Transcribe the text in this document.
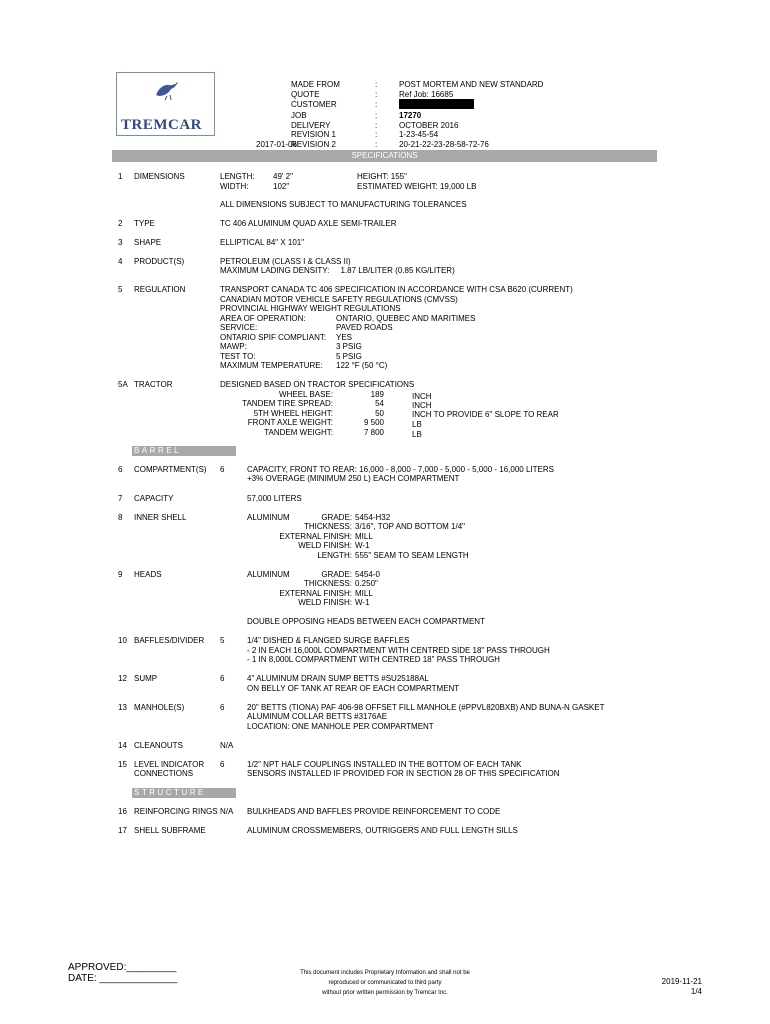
TREMCAR
MADE FROM	:	POST MORTEM AND NEW STANDARD
QUOTE	:	Ref Job: 16685
CUSTOMER	:
JOB	:	17270
DELIVERY	:	OCTOBER 2016
REVISION 1	:	1-23-45-54
2017-01-06
REVISION 2	:	20-21-22-23-28-58-72-76
SPECIFICATIONS
1 DIMENSIONS	LENGTH: 49' 2"	HEIGHT: 155"
WIDTH:	102"	ESTIMATED WEIGHT: 19,000 LB
ALL DIMENSIONS SUBJECT TO MANUFACTURING TOLERANCES
2 TYPE	TC 406 ALUMINUM QUAD AXLE SEMI-TRAILER
3 SHAPE	ELLIPTICAL 84" X 101"
4 PRODUCT(S)	PETROLEUM (CLASS I & CLASS II)
MAXIMUM LADING DENSITY:     1.87 LB/LITER (0.85 KG/LITER)
5 REGULATION	TRANSPORT CANADA TC 406 SPECIFICATION IN ACCORDANCE WITH CSA B620 (CURRENT)
CANADIAN MOTOR VEHICLE SAFETY REGULATIONS (CMVSS)
PROVINCIAL HIGHWAY WEIGHT REGULATIONS
AREA OF OPERATION:	ONTARIO, QUEBEC AND MARITIMES
SERVICE:	PAVED ROADS
ONTARIO SPIF COMPLIANT: YES
MAWP:	3 PSIG
TEST TO:	5 PSIG
MAXIMUM TEMPERATURE: 122 °F (50 °C)
5A TRACTOR	DESIGNED BASED ON TRACTOR SPECIFICATIONS
WHEEL BASE:	189	INCH
TANDEM TIRE SPREAD:	54	INCH
5TH WHEEL HEIGHT:	50	INCH TO PROVIDE 6" SLOPE TO REAR
FRONT AXLE WEIGHT:	9 500	LB
TANDEM WEIGHT:	7 800	LB
BARREL
6 COMPARTMENT(S) 6	CAPACITY, FRONT TO REAR: 16,000 - 8,000 - 7,000 - 5,000 - 5,000 - 16,000 LITERS
+3% OVERAGE (MINIMUM 250 L) EACH COMPARTMENT
7 CAPACITY	57,000 LITERS
8 INNER SHELL	ALUMINUM	GRADE: 5454-H32
THICKNESS: 3/16", TOP AND BOTTOM 1/4"
EXTERNAL FINISH: MILL
WELD FINISH: W-1
LENGTH: 555" SEAM TO SEAM LENGTH
9 HEADS	ALUMINUM	GRADE: 5454-0
THICKNESS: 0.250"
EXTERNAL FINISH: MILL
WELD FINISH: W-1
DOUBLE OPPOSING HEADS BETWEEN EACH COMPARTMENT
10 BAFFLES/DIVIDER 5	1/4" DISHED & FLANGED SURGE BAFFLES
- 2 IN EACH 16,000L COMPARTMENT WITH CENTRED SIDE 18" PASS THROUGH
- 1 IN 8,000L COMPARTMENT WITH CENTRED 18" PASS THROUGH
12 SUMP	6	4" ALUMINUM DRAIN SUMP BETTS #SU25188AL
ON BELLY OF TANK AT REAR OF EACH COMPARTMENT
13 MANHOLE(S)	6	20" BETTS (TIONA) PAF 406-98 OFFSET FILL MANHOLE (#PPVL820BXB) AND BUNA-N GASKET
ALUMINUM COLLAR BETTS #3176AE
LOCATION: ONE MANHOLE PER COMPARTMENT
14 CLEANOUTS	N/A
15 LEVEL INDICATOR
CONNECTIONS
6	1/2" NPT HALF COUPLINGS INSTALLED IN THE BOTTOM OF EACH TANK
SENSORS INSTALLED IF PROVIDED FOR IN SECTION 28 OF THIS SPECIFICATION
STRUCTURE
16 REINFORCING RINGS N/A BULKHEADS AND BAFFLES PROVIDE REINFORCEMENT TO CODE
17 SHELL SUBFRAME	ALUMINUM CROSSMEMBERS, OUTRIGGERS AND FULL LENGTH SILLS
APPROVED:_________
DATE: ______________	This document includes Proprietary Information and shall not be
reproduced or communicated to third party
without prior written permission by Tremcar Inc.
2019-11-21
1/4
